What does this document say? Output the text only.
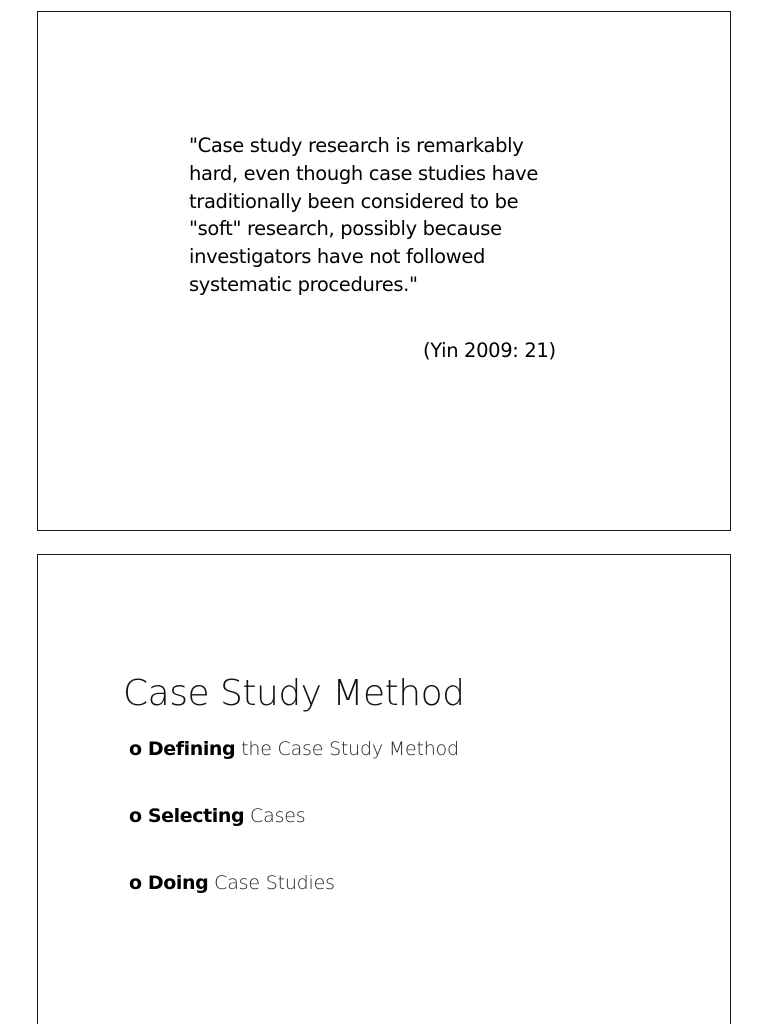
"Case study research is remarkably
hard, even though case studies have
traditionally been considered to be
"soft" research, possibly because
investigators have not followed
systematic procedures."

(Yin 2009: 21)
Case Study Method
o Defining the Case Study Method
o Selecting Cases
o Doing Case Studies
